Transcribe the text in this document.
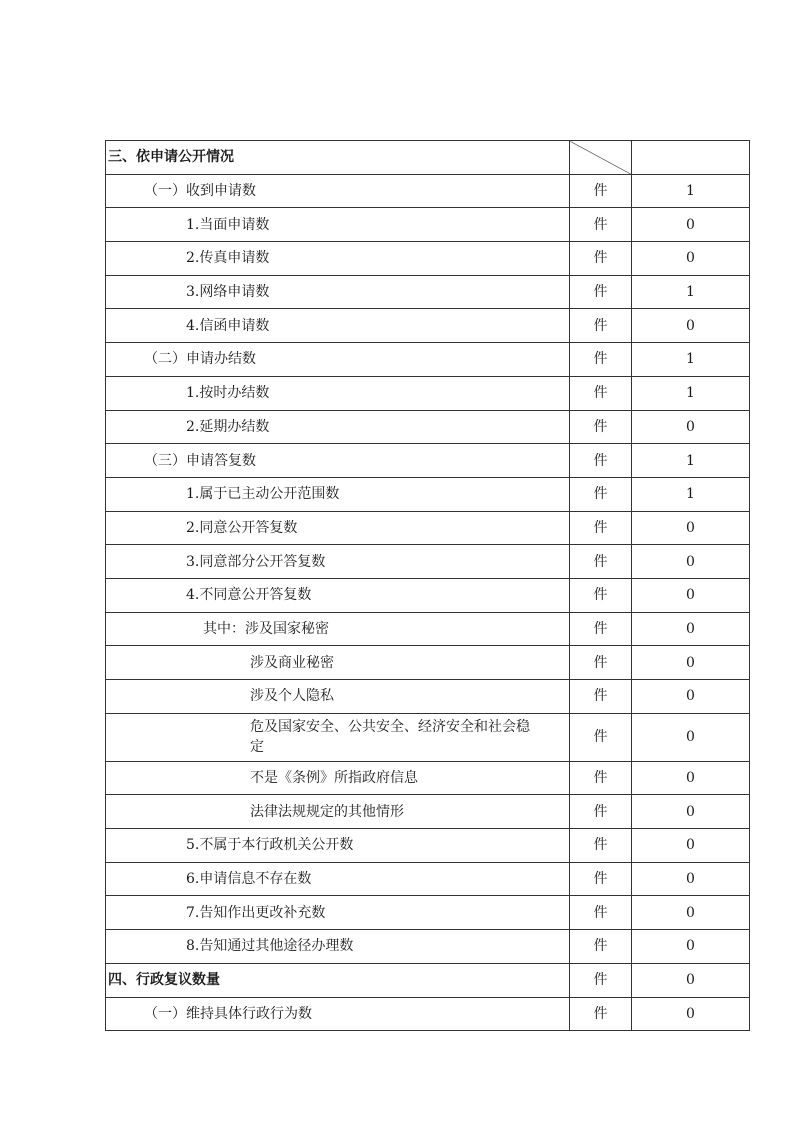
三、依申请公开情况		
（一）收到申请数	件	1
1.当面申请数	件	0
2.传真申请数	件	0
3.网络申请数	件	1
4.信函申请数	件	0
（二）申请办结数	件	1
1.按时办结数	件	1
2.延期办结数	件	0
（三）申请答复数	件	1
1.属于已主动公开范围数	件	1
2.同意公开答复数	件	0
3.同意部分公开答复数	件	0
4.不同意公开答复数	件	0
其中：涉及国家秘密	件	0
涉及商业秘密	件	0
涉及个人隐私	件	0
危及国家安全、公共安全、经济安全和社会稳定	件	0
不是《条例》所指政府信息	件	0
法律法规规定的其他情形	件	0
5.不属于本行政机关公开数	件	0
6.申请信息不存在数	件	0
7.告知作出更改补充数	件	0
8.告知通过其他途径办理数	件	0
四、行政复议数量	件	0
（一）维持具体行政行为数	件	0
